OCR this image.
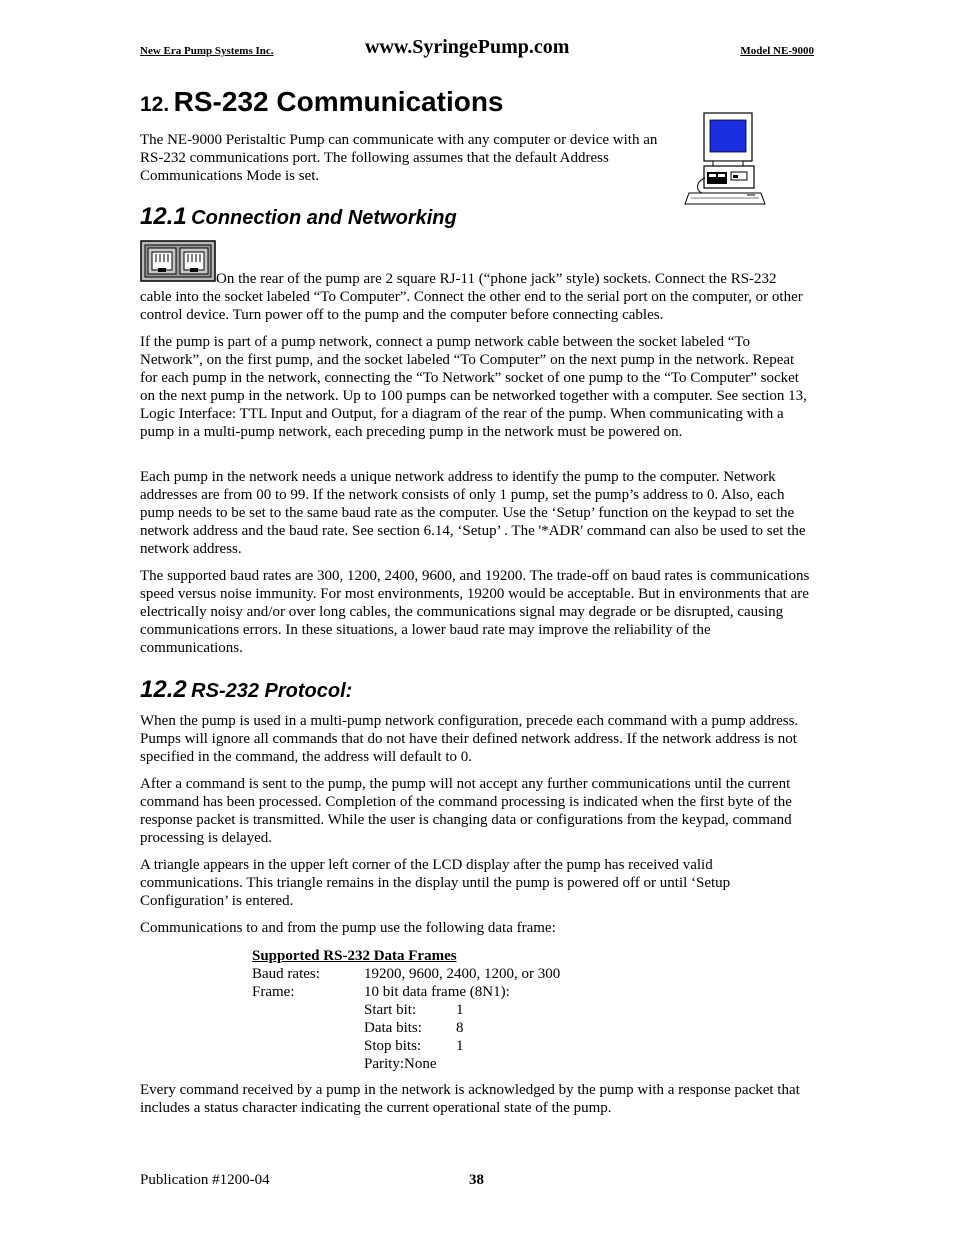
New Era Pump Systems Inc.	www.SyringePump.com	Model NE-9000
12. RS-232 Communications
The NE-9000 Peristaltic Pump can communicate with any computer or device with an RS-232 communications port. The following assumes that the default Address Communications Mode is set.
12.1 Connection and Networking
On the rear of the pump are 2 square RJ-11 (“phone jack” style) sockets. Connect the RS-232 cable into the socket labeled “To Computer”. Connect the other end to the serial port on the computer, or other control device. Turn power off to the pump and the computer before connecting cables.
If the pump is part of a pump network, connect a pump network cable between the socket labeled “To Network”, on the first pump, and the socket labeled “To Computer” on the next pump in the network. Repeat for each pump in the network, connecting the “To Network” socket of one pump to the “To Computer” socket on the next pump in the network. Up to 100 pumps can be networked together with a computer. See section 13, Logic Interface: TTL Input and Output, for a diagram of the rear of the pump. When communicating with a pump in a multi-pump network, each preceding pump in the network must be powered on.
Each pump in the network needs a unique network address to identify the pump to the computer. Network addresses are from 00 to 99. If the network consists of only 1 pump, set the pump’s address to 0. Also, each pump needs to be set to the same baud rate as the computer. Use the ‘Setup’ function on the keypad to set the network address and the baud rate. See section 6.14, ‘Setup’ . The '*ADR' command can also be used to set the network address.
The supported baud rates are 300, 1200, 2400, 9600, and 19200. The trade-off on baud rates is communications speed versus noise immunity. For most environments, 19200 would be acceptable. But in environments that are electrically noisy and/or over long cables, the communications signal may degrade or be disrupted, causing communications errors. In these situations, a lower baud rate may improve the reliability of the communications.
12.2 RS-232 Protocol:
When the pump is used in a multi-pump network configuration, precede each command with a pump address. Pumps will ignore all commands that do not have their defined network address. If the network address is not specified in the command, the address will default to 0.
After a command is sent to the pump, the pump will not accept any further communications until the current command has been processed. Completion of the command processing is indicated when the first byte of the response packet is transmitted. While the user is changing data or configurations from the keypad, command processing is delayed.
A triangle appears in the upper left corner of the LCD display after the pump has received valid communications. This triangle remains in the display until the pump is powered off or until ‘Setup Configuration’ is entered.
Communications to and from the pump use the following data frame:
Supported RS-232 Data Frames
Baud rates:	19200, 9600, 2400, 1200, or 300
Frame:	10 bit data frame (8N1):
Start bit:	1
Data bits:	8
Stop bits:	1
Parity:None
Every command received by a pump in the network is acknowledged by the pump with a response packet that includes a status character indicating the current operational state of the pump.
Publication #1200-04	38
